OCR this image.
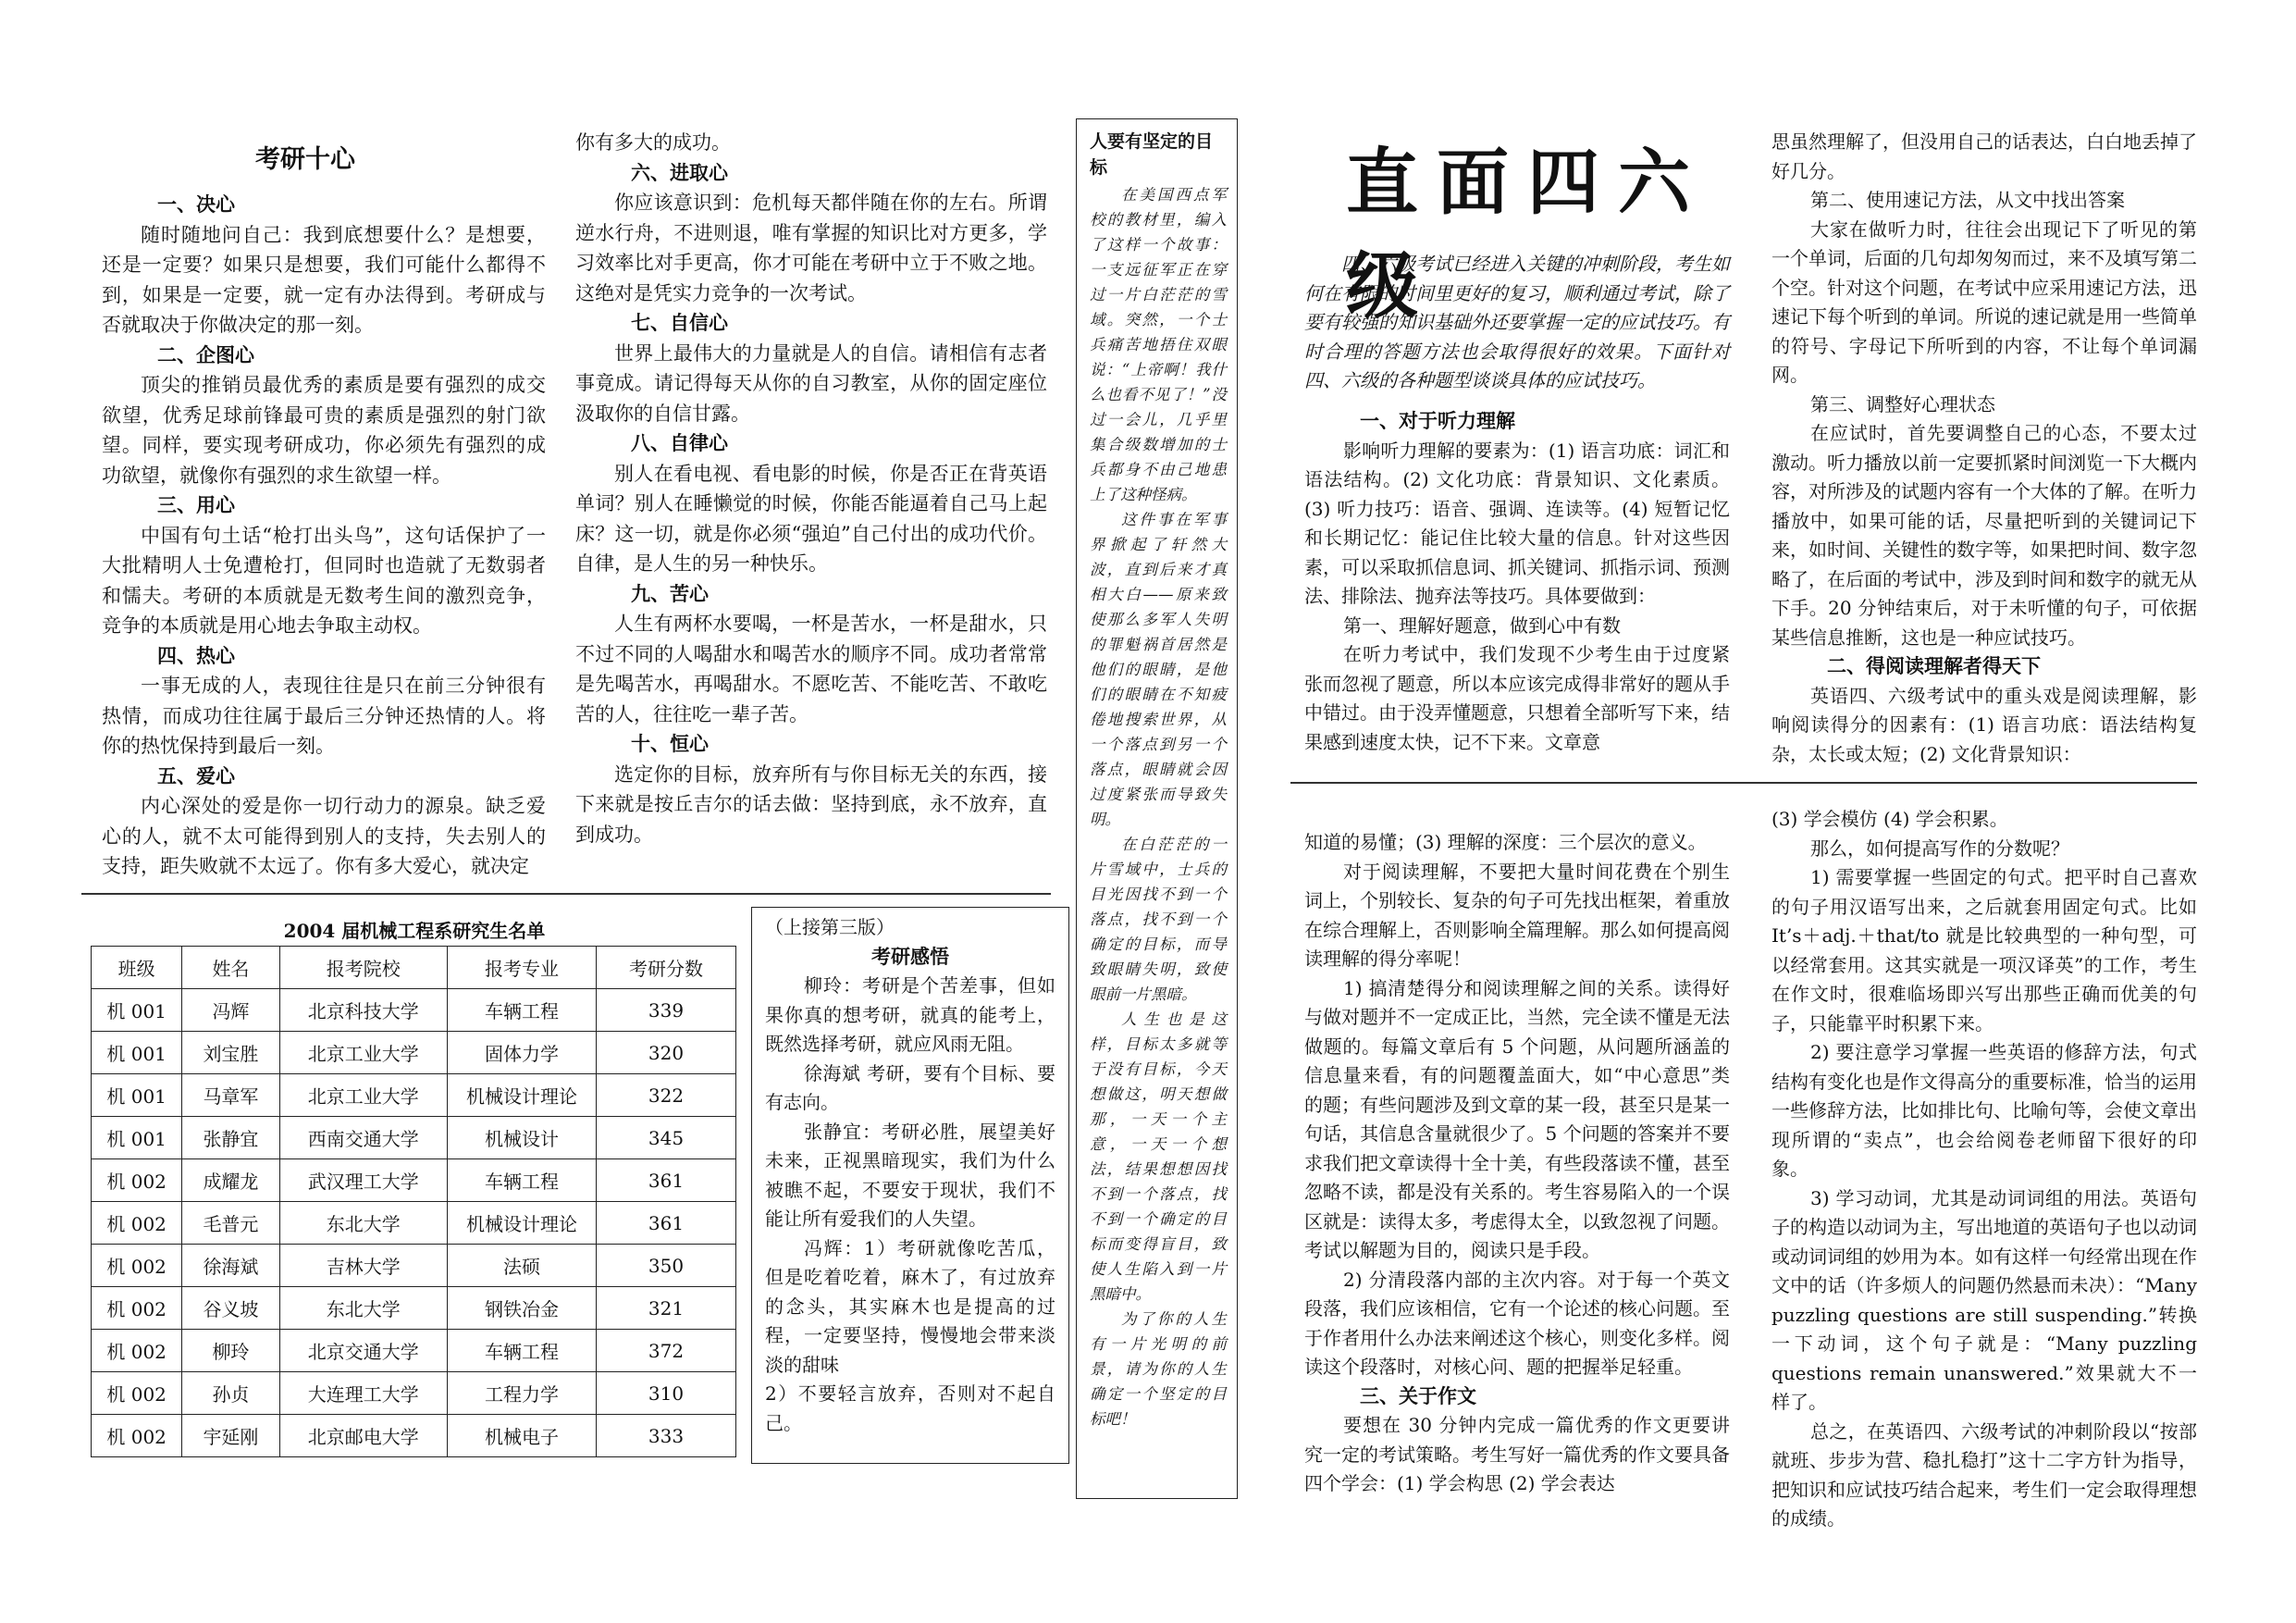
考研十心
一、决心

随时随地问自己：我到底想要什么？是想要，还是一定要？如果只是想要，我们可能什么都得不到，如果是一定要，就一定有办法得到。考研成与否就取决于你做决定的那一刻。

二、企图心

顶尖的推销员最优秀的素质是要有强烈的成交欲望，优秀足球前锋最可贵的素质是强烈的射门欲望。同样，要实现考研成功，你必须先有强烈的成功欲望，就像你有强烈的求生欲望一样。

三、用心

中国有句土话“枪打出头鸟”，这句话保护了一大批精明人士免遭枪打，但同时也造就了无数弱者和懦夫。考研的本质就是无数考生间的激烈竞争，竞争的本质就是用心地去争取主动权。

四、热心

一事无成的人，表现往往是只在前三分钟很有热情，而成功往往属于最后三分钟还热情的人。将你的热忱保持到最后一刻。

五、爱心

内心深处的爱是你一切行动力的源泉。缺乏爱心的人，就不太可能得到别人的支持，失去别人的支持，距失败就不太远了。你有多大爱心，就决定

你有多大的成功。

六、进取心

你应该意识到：危机每天都伴随在你的左右。所谓逆水行舟，不进则退，唯有掌握的知识比对方更多，学习效率比对手更高，你才可能在考研中立于不败之地。这绝对是凭实力竞争的一次考试。

七、自信心

世界上最伟大的力量就是人的自信。请相信有志者事竟成。请记得每天从你的自习教室，从你的固定座位汲取你的自信甘露。

八、自律心

别人在看电视、看电影的时候，你是否正在背英语单词？别人在睡懒觉的时候，你能否能逼着自己马上起床？这一切，就是你必须“强迫”自己付出的成功代价。自律，是人生的另一种快乐。

九、苦心

人生有两杯水要喝，一杯是苦水，一杯是甜水，只不过不同的人喝甜水和喝苦水的顺序不同。成功者常常是先喝苦水，再喝甜水。不愿吃苦、不能吃苦、不敢吃苦的人，往往吃一辈子苦。

十、恒心

选定你的目标，放弃所有与你目标无关的东西，接下来就是按丘吉尔的话去做：坚持到底，永不放弃，直到成功。

2004 届机械工程系研究生名单
班级	姓名	报考院校	报考专业	考研分数
机 001	冯辉	北京科技大学	车辆工程	339
机 001	刘宝胜	北京工业大学	固体力学	320
机 001	马章军	北京工业大学	机械设计理论	322
机 001	张静宜	西南交通大学	机械设计	345
机 002	成耀龙	武汉理工大学	车辆工程	361
机 002	毛普元	东北大学	机械设计理论	361
机 002	徐海斌	吉林大学	法硕	350
机 002	谷义坡	东北大学	钢铁冶金	321
机 002	柳玲	北京交通大学	车辆工程	372
机 002	孙贞	大连理工大学	工程力学	310
机 002	宇延刚	北京邮电大学	机械电子	333
（上接第三版）
考研感悟

柳玲：考研是个苦差事，但如果你真的想考研，就真的能考上，既然选择考研，就应风雨无阻。

徐海斌 考研，要有个目标、要有志向。

张静宜：考研必胜，展望美好未来，正视黑暗现实，我们为什么被瞧不起，不要安于现状，我们不能让所有爱我们的人失望。

冯辉：1）考研就像吃苦瓜，但是吃着吃着，麻木了，有过放弃的念头，其实麻木也是提高的过程，一定要坚持，慢慢地会带来淡淡的甜味

2）不要轻言放弃，否则对不起自己。

人要有坚定的目标

在美国西点军校的教材里，编入了这样一个故事：一支远征军正在穿过一片白茫茫的雪域。突然，一个士兵痛苦地捂住双眼说：“上帝啊！我什么也看不见了！”没过一会儿，几乎里集合级数增加的士兵都身不由己地患上了这种怪病。

这件事在军事界掀起了轩然大波，直到后来才真相大白——原来致使那么多军人失明的罪魁祸首居然是他们的眼睛，是他们的眼睛在不知疲倦地搜索世界，从一个落点到另一个落点，眼睛就会因过度紧张而导致失明。

在白茫茫的一片雪域中，士兵的目光因找不到一个落点，找不到一个确定的目标，而导致眼睛失明，致使眼前一片黑暗。

人生也是这样，目标太多就等于没有目标，今天想做这，明天想做那，一天一个主意，一天一个想法，结果想想因找不到一个落点，找不到一个确定的目标而变得盲目，致使人生陷入到一片黑暗中。

为了你的人生有一片光明的前景，请为你的人生确定一个坚定的目标吧！

直面四六级

四、六级考试已经进入关键的冲刺阶段，考生如何在有限的时间里更好的复习，顺利通过考试，除了要有较强的知识基础外还要掌握一定的应试技巧。有时合理的答题方法也会取得很好的效果。下面针对四、六级的各种题型谈谈具体的应试技巧。

一、对于听力理解

影响听力理解的要素为：(1) 语言功底：词汇和语法结构。(2) 文化功底：背景知识、文化素质。(3) 听力技巧：语音、强调、连读等。(4) 短暂记忆和长期记忆：能记住比较大量的信息。针对这些因素，可以采取抓信息词、抓关键词、抓指示词、预测法、排除法、抛弃法等技巧。具体要做到：

第一、理解好题意，做到心中有数

在听力考试中，我们发现不少考生由于过度紧张而忽视了题意，所以本应该完成得非常好的题从手中错过。由于没弄懂题意，只想着全部听写下来，结果感到速度太快，记不下来。文章意

思虽然理解了，但没用自己的话表达，白白地丢掉了好几分。

第二、使用速记方法，从文中找出答案

大家在做听力时，往往会出现记下了听见的第一个单词，后面的几句却匆匆而过，来不及填写第二个空。针对这个问题，在考试中应采用速记方法，迅速记下每个听到的单词。所说的速记就是用一些简单的符号、字母记下所听到的内容，不让每个单词漏网。

第三、调整好心理状态

在应试时，首先要调整自己的心态，不要太过激动。听力播放以前一定要抓紧时间浏览一下大概内容，对所涉及的试题内容有一个大体的了解。在听力播放中，如果可能的话，尽量把听到的关键词记下来，如时间、关键性的数字等，如果把时间、数字忽略了，在后面的考试中，涉及到时间和数字的就无从下手。20 分钟结束后，对于未听懂的句子，可依据某些信息推断，这也是一种应试技巧。

二、得阅读理解者得天下

英语四、六级考试中的重头戏是阅读理解，影响阅读得分的因素有：(1) 语言功底：语法结构复杂，太长或太短；(2) 文化背景知识：

知道的易懂；(3) 理解的深度：三个层次的意义。

对于阅读理解，不要把大量时间花费在个别生词上，个别较长、复杂的句子可先找出框架，着重放在综合理解上，否则影响全篇理解。那么如何提高阅读理解的得分率呢！

1) 搞清楚得分和阅读理解之间的关系。读得好与做对题并不一定成正比，当然，完全读不懂是无法做题的。每篇文章后有 5 个问题，从问题所涵盖的信息量来看，有的问题覆盖面大，如“中心意思”类的题；有些问题涉及到文章的某一段，甚至只是某一句话，其信息含量就很少了。5 个问题的答案并不要求我们把文章读得十全十美，有些段落读不懂，甚至忽略不读，都是没有关系的。考生容易陷入的一个误区就是：读得太多，考虑得太全，以致忽视了问题。考试以解题为目的，阅读只是手段。

2) 分清段落内部的主次内容。对于每一个英文段落，我们应该相信，它有一个论述的核心问题。至于作者用什么办法来阐述这个核心，则变化多样。阅读这个段落时，对核心问、题的把握举足轻重。

三、关于作文

要想在 30 分钟内完成一篇优秀的作文更要讲究一定的考试策略。考生写好一篇优秀的作文要具备四个学会：(1) 学会构思 (2) 学会表达

(3) 学会模仿 (4) 学会积累。

那么，如何提高写作的分数呢？

1) 需要掌握一些固定的句式。把平时自己喜欢的句子用汉语写出来，之后就套用固定句式。比如 It’s＋adj.＋that/to 就是比较典型的一种句型，可以经常套用。这其实就是一项汉译英”的工作，考生在作文时，很难临场即兴写出那些正确而优美的句子，只能靠平时积累下来。

2) 要注意学习掌握一些英语的修辞方法，句式结构有变化也是作文得高分的重要标准，恰当的运用一些修辞方法，比如排比句、比喻句等，会使文章出现所谓的“卖点”，也会给阅卷老师留下很好的印象。

3) 学习动词，尤其是动词词组的用法。英语句子的构造以动词为主，写出地道的英语句子也以动词或动词词组的妙用为本。如有这样一句经常出现在作文中的话（许多烦人的问题仍然悬而未决）：“Many puzzling questions are still suspending.”转换一下动词，这个句子就是：“Many puzzling questions remain unanswered.”效果就大不一样了。

总之，在英语四、六级考试的冲刺阶段以“按部就班、步步为营、稳扎稳打”这十二字方针为指导，把知识和应试技巧结合起来，考生们一定会取得理想的成绩。
